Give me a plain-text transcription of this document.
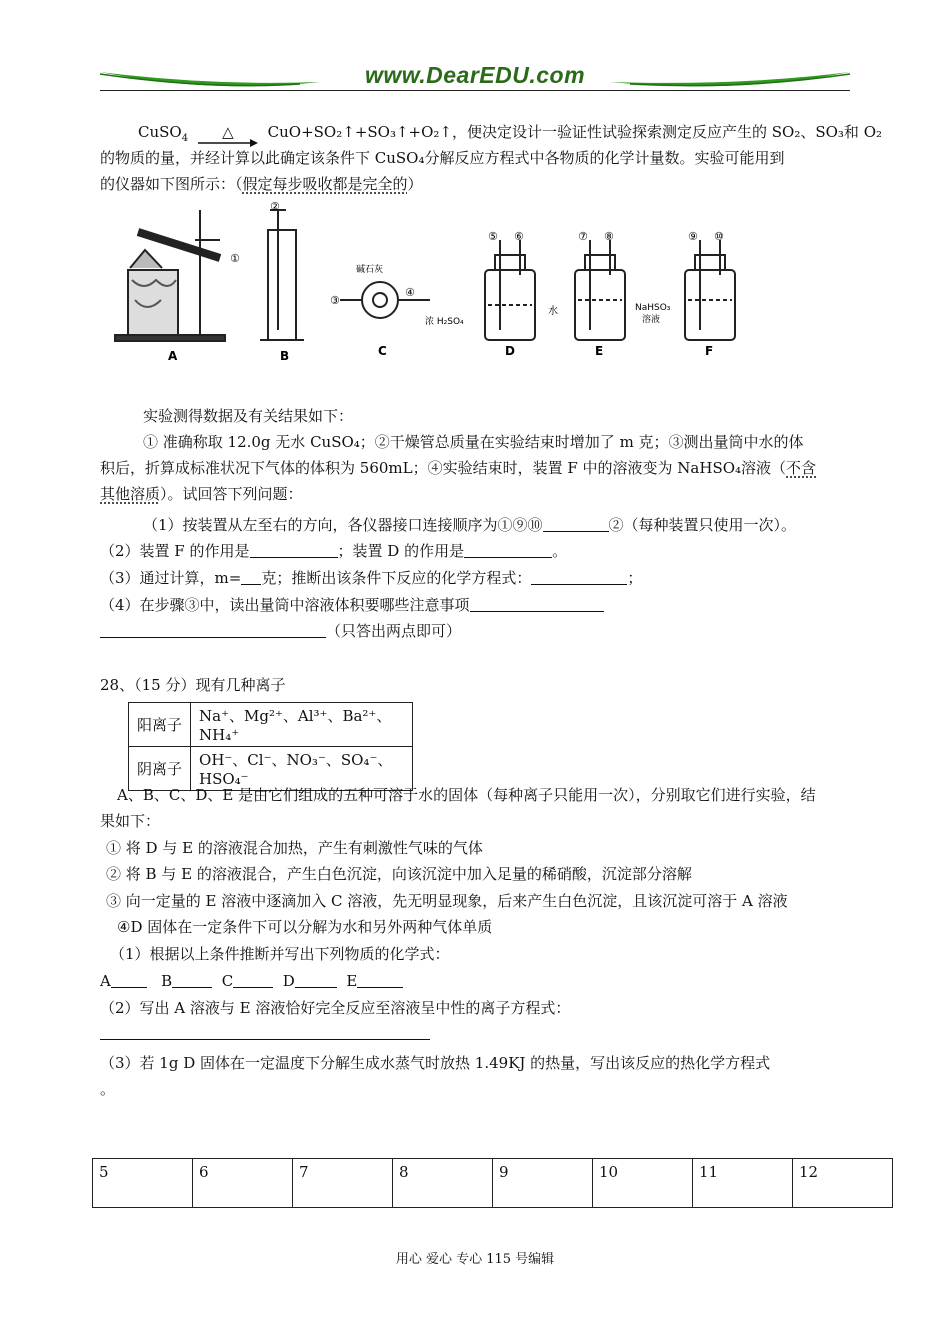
www.DearEDU.com
CuSO$_4$ △ CuO+SO₂↑+SO₃↑+O₂↑，便决定设计一验证性试验探索测定反应产生的 SO₂、SO₃和 O₂
的物质的量，并经计算以此确定该条件下 CuSO₄分解反应方程式中各物质的化学计量数。实验可能用到
的仪器如下图所示：（假定每步吸收都是完全的）
①
A
②
B
碱石灰
③
④
C
⑤ ⑥
浓 H₂SO₄
D
⑦ ⑧
水
E
⑨ ⑩
NaHSO₃
溶液
F
实验测得数据及有关结果如下：
① 准确称取 12.0g 无水 CuSO₄；②干燥管总质量在实验结束时增加了 m 克；③测出量筒中水的体
积后，折算成标准状况下气体的体积为 560mL；④实验结束时，装置 F 中的溶液变为 NaHSO₄溶液（不含
其他溶质）。试回答下列问题：
（1）按装置从左至右的方向，各仪器接口连接顺序为①⑨⑩	②（每种装置只使用一次）。
（2）装置 F 的作用是	；装置 D 的作用是	。
（3）通过计算，m= 克；推断出该条件下反应的化学方程式：	；
（4）在步骤③中，读出量筒中溶液体积要哪些注意事项
（只答出两点即可）
28、（15 分）现有几种离子
阳离子	Na⁺、Mg²⁺、Al³⁺、Ba²⁺、NH₄⁺
阴离子	OH⁻、Cl⁻、NO₃⁻、SO₄⁻、HSO₄⁻
A、B、C、D、E 是由它们组成的五种可溶于水的固体（每种离子只能用一次），分别取它们进行实验，结
果如下：
① 将 D 与 E 的溶液混合加热，产生有刺激性气味的气体
② 将 B 与 E 的溶液混合，产生白色沉淀，向该沉淀中加入足量的稀硝酸，沉淀部分溶解
③ 向一定量的 E 溶液中逐滴加入 C 溶液，先无明显现象，后来产生白色沉淀，且该沉淀可溶于 A 溶液
④D 固体在一定条件下可以分解为水和另外两种气体单质
（1）根据以上条件推断并写出下列物质的化学式：
A	B	C	D	E
（2）写出 A 溶液与 E 溶液恰好完全反应至溶液呈中性的离子方程式：
（3）若 1g D 固体在一定温度下分解生成水蒸气时放热 1.49KJ 的热量，写出该反应的热化学方程式
。
5	6	7	8	9	10	11	12
用心 爱心 专心 115 号编辑
